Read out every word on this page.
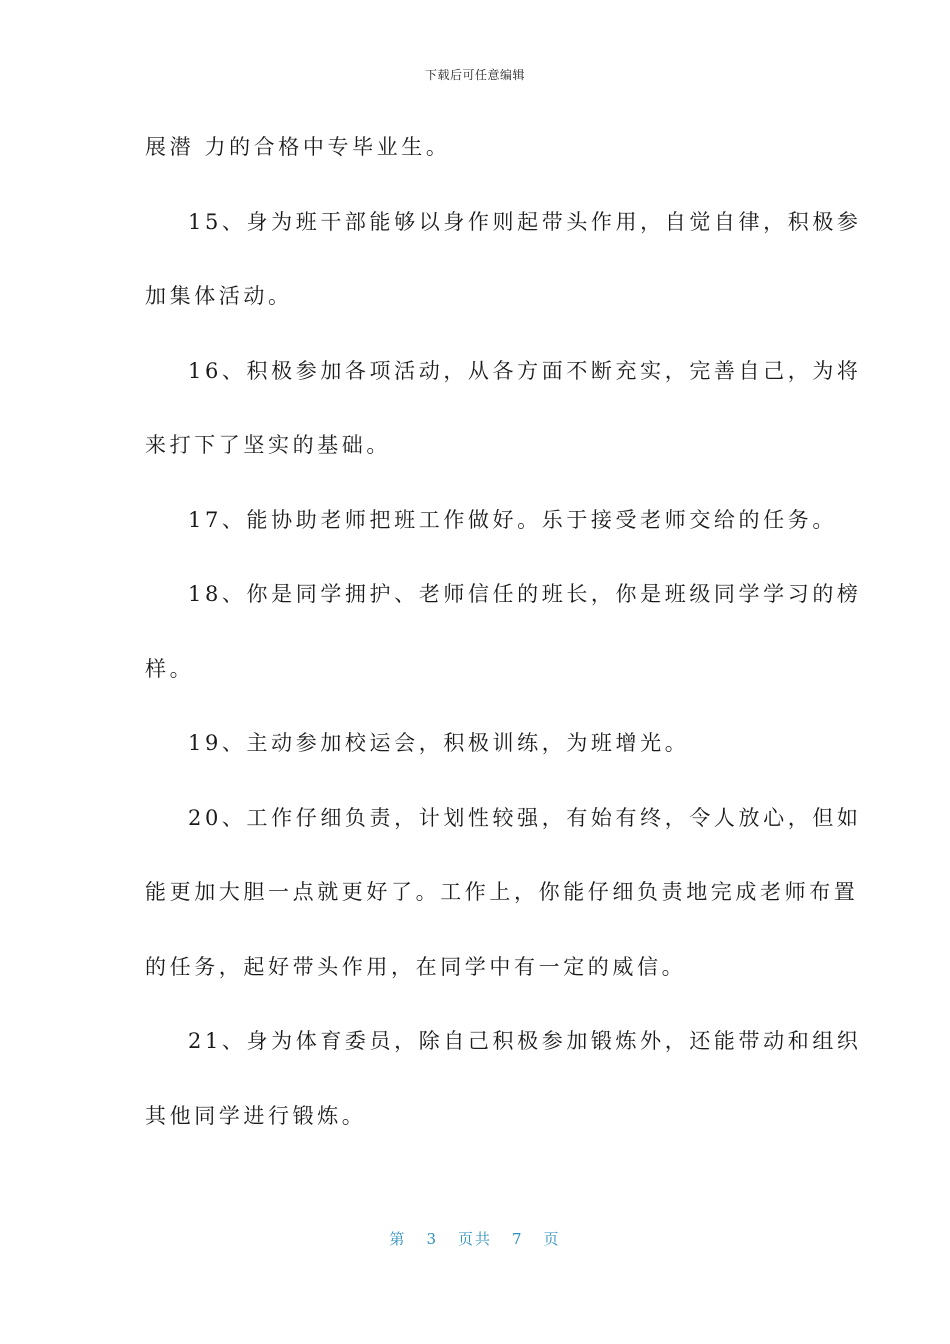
下载后可任意编辑
展潜 力的合格中专毕业生。
15、身为班干部能够以身作则起带头作用，自觉自律，积极参
加集体活动。
16、积极参加各项活动，从各方面不断充实，完善自己，为将
来打下了坚实的基础。
17、能协助老师把班工作做好。乐于接受老师交给的任务。
18、你是同学拥护、老师信任的班长，你是班级同学学习的榜
样。
19、主动参加校运会，积极训练，为班增光。
20、工作仔细负责，计划性较强，有始有终，令人放心，但如
能更加大胆一点就更好了。工作上，你能仔细负责地完成老师布置
的任务，起好带头作用，在同学中有一定的威信。
21、身为体育委员，除自己积极参加锻炼外，还能带动和组织
其他同学进行锻炼。
第 3 页共 7 页
